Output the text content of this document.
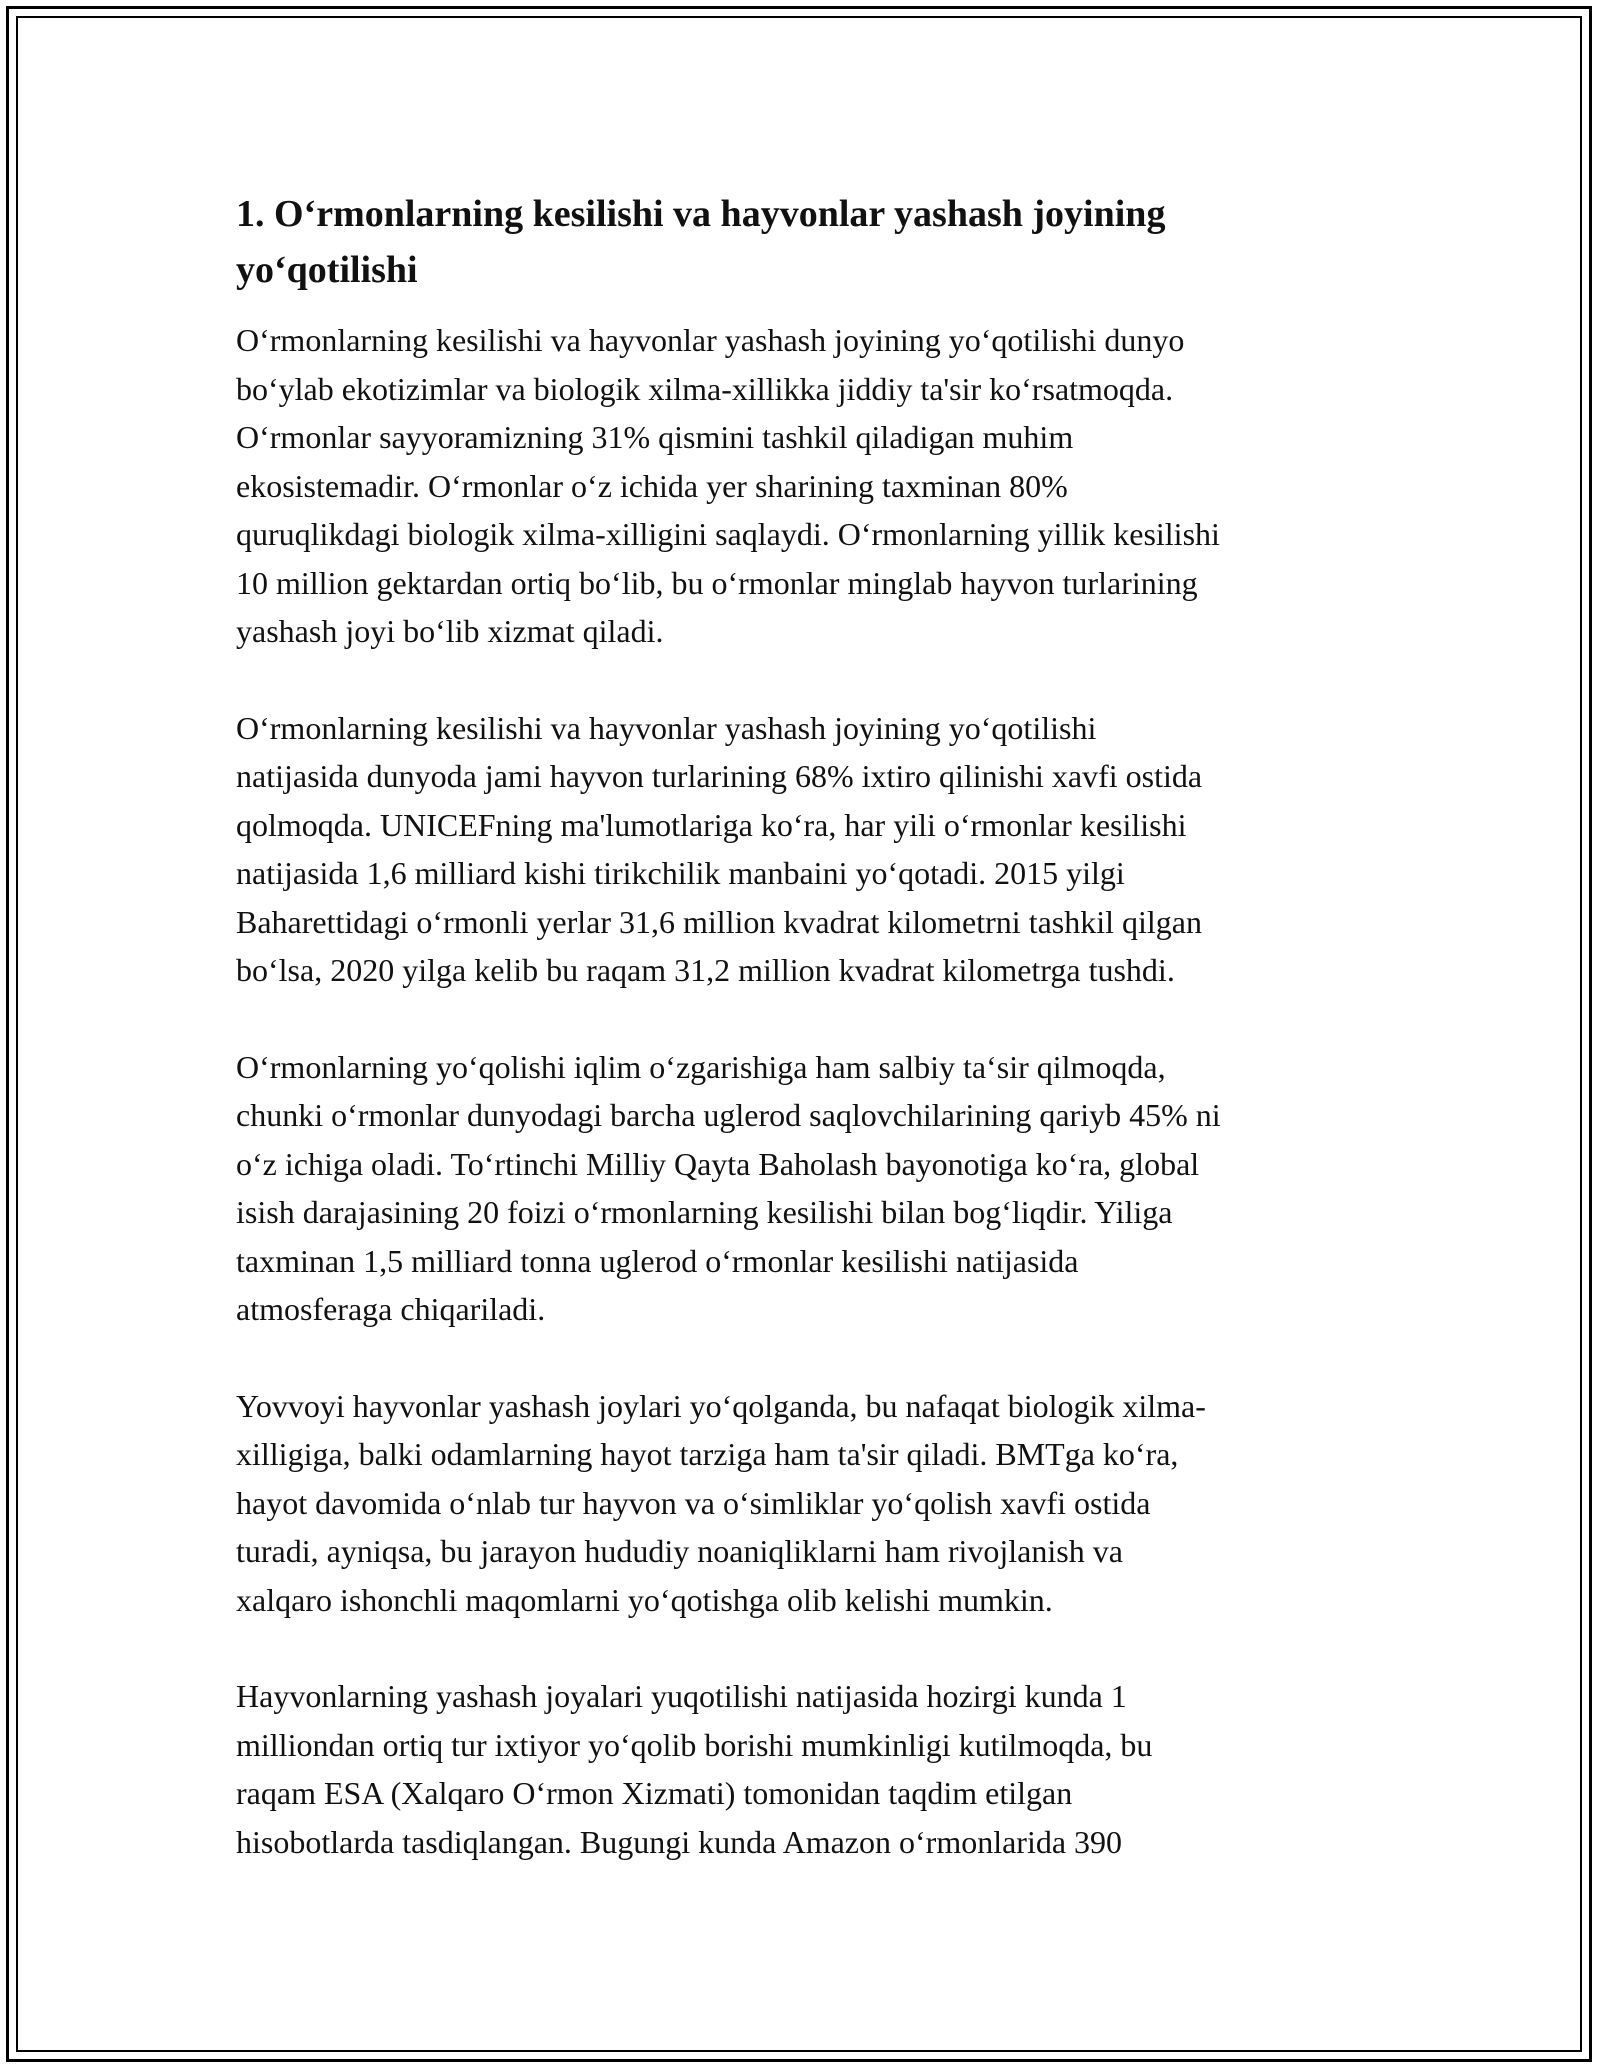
1. O‘rmonlarning kesilishi va hayvonlar yashash joyining
yo‘qotilishi

O‘rmonlarning kesilishi va hayvonlar yashash joyining yo‘qotilishi dunyo
bo‘ylab ekotizimlar va biologik xilma-xillikka jiddiy ta'sir ko‘rsatmoqda.
O‘rmonlar sayyoramizning 31% qismini tashkil qiladigan muhim
ekosistemadir. O‘rmonlar o‘z ichida yer sharining taxminan 80%
quruqlikdagi biologik xilma-xilligini saqlaydi. O‘rmonlarning yillik kesilishi
10 million gektardan ortiq bo‘lib, bu o‘rmonlar minglab hayvon turlarining
yashash joyi bo‘lib xizmat qiladi.

O‘rmonlarning kesilishi va hayvonlar yashash joyining yo‘qotilishi
natijasida dunyoda jami hayvon turlarining 68% ixtiro qilinishi xavfi ostida
qolmoqda. UNICEFning ma'lumotlariga ko‘ra, har yili o‘rmonlar kesilishi
natijasida 1,6 milliard kishi tirikchilik manbaini yo‘qotadi. 2015 yilgi
Baharettidagi o‘rmonli yerlar 31,6 million kvadrat kilometrni tashkil qilgan
bo‘lsa, 2020 yilga kelib bu raqam 31,2 million kvadrat kilometrga tushdi.

O‘rmonlarning yo‘qolishi iqlim o‘zgarishiga ham salbiy ta‘sir qilmoqda,
chunki o‘rmonlar dunyodagi barcha uglerod saqlovchilarining qariyb 45% ni
o‘z ichiga oladi. To‘rtinchi Milliy Qayta Baholash bayonotiga ko‘ra, global
isish darajasining 20 foizi o‘rmonlarning kesilishi bilan bog‘liqdir. Yiliga
taxminan 1,5 milliard tonna uglerod o‘rmonlar kesilishi natijasida
atmosferaga chiqariladi.

Yovvoyi hayvonlar yashash joylari yo‘qolganda, bu nafaqat biologik xilma-
xilligiga, balki odamlarning hayot tarziga ham ta'sir qiladi. BMTga ko‘ra,
hayot davomida o‘nlab tur hayvon va o‘simliklar yo‘qolish xavfi ostida
turadi, ayniqsa, bu jarayon hududiy noaniqliklarni ham rivojlanish va
xalqaro ishonchli maqomlarni yo‘qotishga olib kelishi mumkin.

Hayvonlarning yashash joyalari yuqotilishi natijasida hozirgi kunda 1
milliondan ortiq tur ixtiyor yo‘qolib borishi mumkinligi kutilmoqda, bu
raqam ESA (Xalqaro O‘rmon Xizmati) tomonidan taqdim etilgan
hisobotlarda tasdiqlangan. Bugungi kunda Amazon o‘rmonlarida 390
